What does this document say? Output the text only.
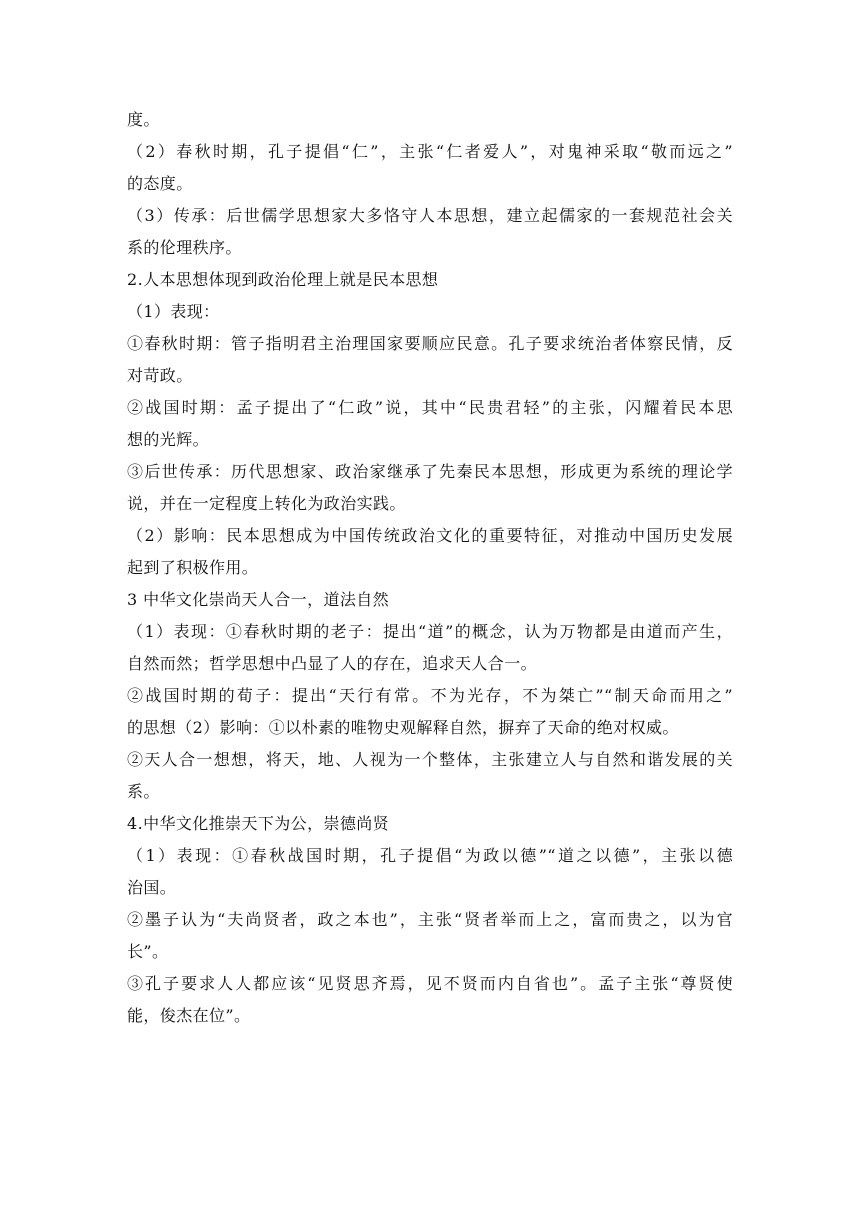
度。
（2）春秋时期，孔子提倡“仁”，主张“仁者爱人”，对鬼神采取“敬而远之”
的态度。
（3）传承：后世儒学思想家大多恪守人本思想，建立起儒家的一套规范社会关
系的伦理秩序。
2.人本思想体现到政治伦理上就是民本思想
（1）表现：
①春秋时期：管子指明君主治理国家要顺应民意。孔子要求统治者体察民情，反
对苛政。
②战国时期：孟子提出了“仁政”说，其中“民贵君轻”的主张，闪耀着民本思
想的光辉。
③后世传承：历代思想家、政治家继承了先秦民本思想，形成更为系统的理论学
说，并在一定程度上转化为政治实践。
（2）影响：民本思想成为中国传统政治文化的重要特征，对推动中国历史发展
起到了积极作用。
3 中华文化崇尚天人合一，道法自然
（1）表现：①春秋时期的老子：提出“道”的概念，认为万物都是由道而产生，
自然而然；哲学思想中凸显了人的存在，追求天人合一。
②战国时期的荀子：提出“天行有常。不为光存，不为桀亡”“制天命而用之”
的思想（2）影响：①以朴素的唯物史观解释自然，摒弃了天命的绝对权威。
②天人合一想想，将天，地、人视为一个整体，主张建立人与自然和谐发展的关
系。
4.中华文化推崇天下为公，崇德尚贤
（1）表现：①春秋战国时期，孔子提倡“为政以德”“道之以德”，主张以德
治国。
②墨子认为“夫尚贤者，政之本也”，主张“贤者举而上之，富而贵之，以为官
长”。
③孔子要求人人都应该“见贤思齐焉，见不贤而内自省也”。孟子主张“尊贤使
能，俊杰在位”。
